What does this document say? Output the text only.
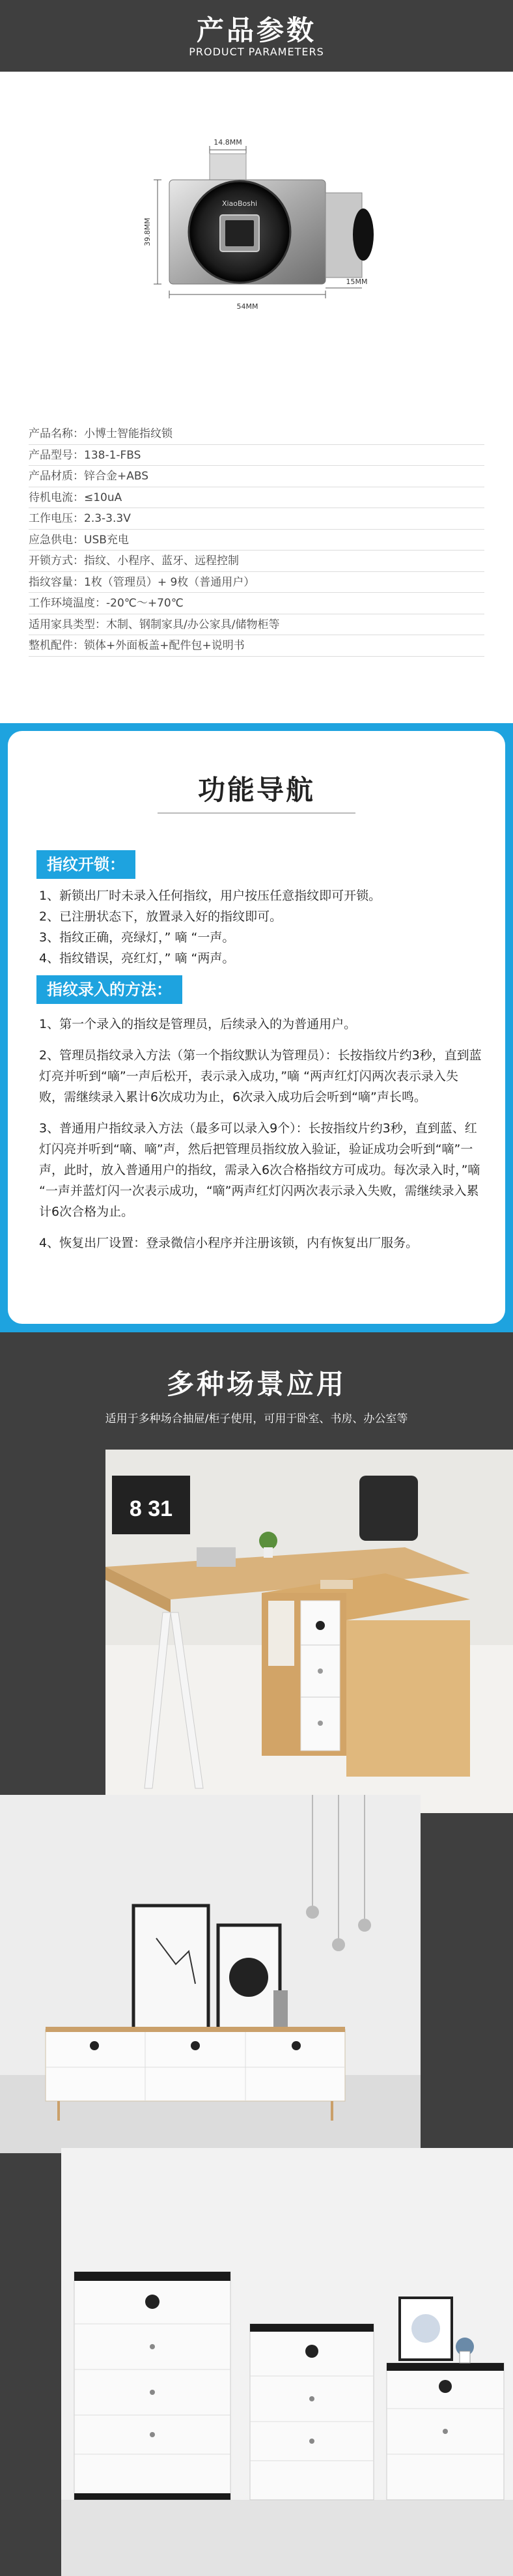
产品参数
PRODUCT PARAMETERS
14.8MM
XiaoBoshi
39.8MM
54MM
15MM
产品名称：小博士智能指纹锁
产品型号：138-1-FBS
产品材质：锌合金+ABS
待机电流：≤10uA
工作电压：2.3-3.3V
应急供电：USB充电
开锁方式：指纹、小程序、蓝牙、远程控制
指纹容量：1枚（管理员）+ 9枚（普通用户）
工作环境温度：-20℃～+70℃
适用家具类型：木制、钢制家具/办公家具/储物柜等
整机配件：锁体+外面板盖+配件包+说明书
功能导航
指纹开锁：

1、新锁出厂时未录入任何指纹，用户按压任意指纹即可开锁。

2、已注册状态下，放置录入好的指纹即可。

3、指纹正确，亮绿灯，” 嘀 “一声。

4、指纹错误，亮红灯，” 嘀 “两声。

指纹录入的方法：

1、第一个录入的指纹是管理员，后续录入的为普通用户。

2、管理员指纹录入方法（第一个指纹默认为管理员）：长按指纹片约3秒，直到蓝灯亮并听到“嘀”一声后松开，表示录入成功，”嘀 “两声红灯闪两次表示录入失败，需继续录入累计6次成功为止，6次录入成功后会听到“嘀”声长鸣。

3、普通用户指纹录入方法（最多可以录入9个）：长按指纹片约3秒，直到蓝、红灯闪亮并听到“嘀、嘀”声，然后把管理员指纹放入验证，验证成功会听到“嘀”一声，此时，放入普通用户的指纹，需录入6次合格指纹方可成功。每次录入时，”嘀 “一声并蓝灯闪一次表示成功，“嘀”两声红灯闪两次表示录入失败，需继续录入累计6次合格为止。

4、恢复出厂设置：登录微信小程序并注册该锁，内有恢复出厂服务。

多种场景应用
适用于多种场合抽屉/柜子使用，可用于卧室、书房、办公室等
8 31
